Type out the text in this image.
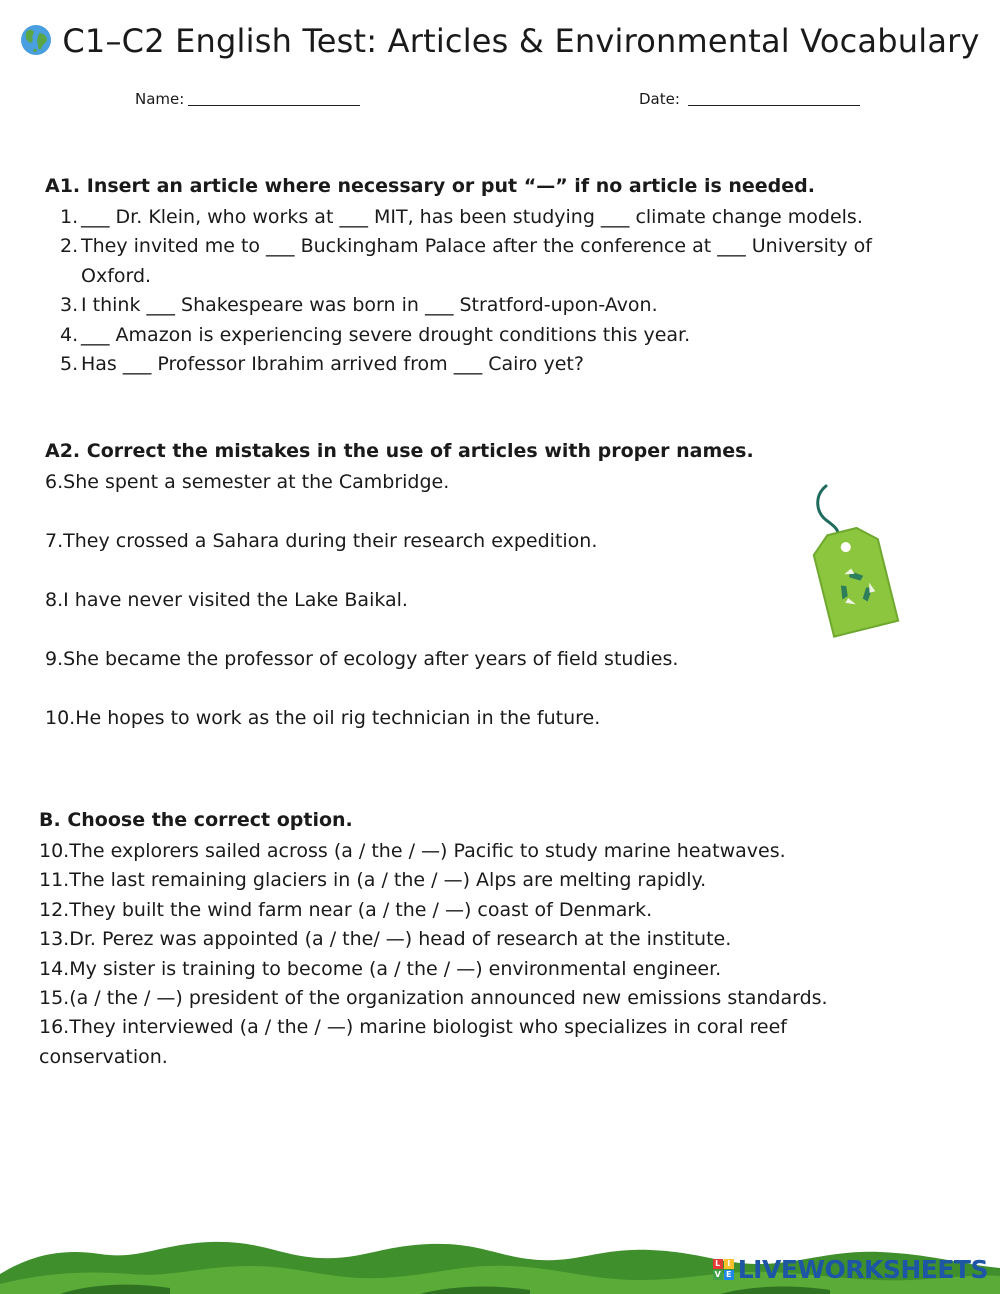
C1–C2 English Test: Articles & Environmental Vocabulary
Name:	Date:
A1. Insert an article where necessary or put “—” if no article is needed.
1. ___ Dr. Klein, who works at ___ MIT, has been studying ___ climate change models.
2. They invited me to ___ Buckingham Palace after the conference at ___ University of Oxford.
3. I think ___ Shakespeare was born in ___ Stratford-upon-Avon.
4. ___ Amazon is experiencing severe drought conditions this year.
5. Has ___ Professor Ibrahim arrived from ___ Cairo yet?
A2. Correct the mistakes in the use of articles with proper names.
6.She spent a semester at the Cambridge.
7.They crossed a Sahara during their research expedition.
8.I have never visited the Lake Baikal.
9.She became the professor of ecology after years of field studies.
10.He hopes to work as the oil rig technician in the future.
B. Choose the correct option.
10.The explorers sailed across (a / the / —) Pacific to study marine heatwaves.
11.The last remaining glaciers in (a / the / —) Alps are melting rapidly.
12.They built the wind farm near (a / the / —) coast of Denmark.
13.Dr. Perez was appointed (a / the/ —) head of research at the institute.
14.My sister is training to become (a / the / —) environmental engineer.
15.(a / the / —) president of the organization announced new emissions standards.
16.They interviewed (a / the / —) marine biologist who specializes in coral reef conservation.
L I
V E LIVEWORKSHEETS
